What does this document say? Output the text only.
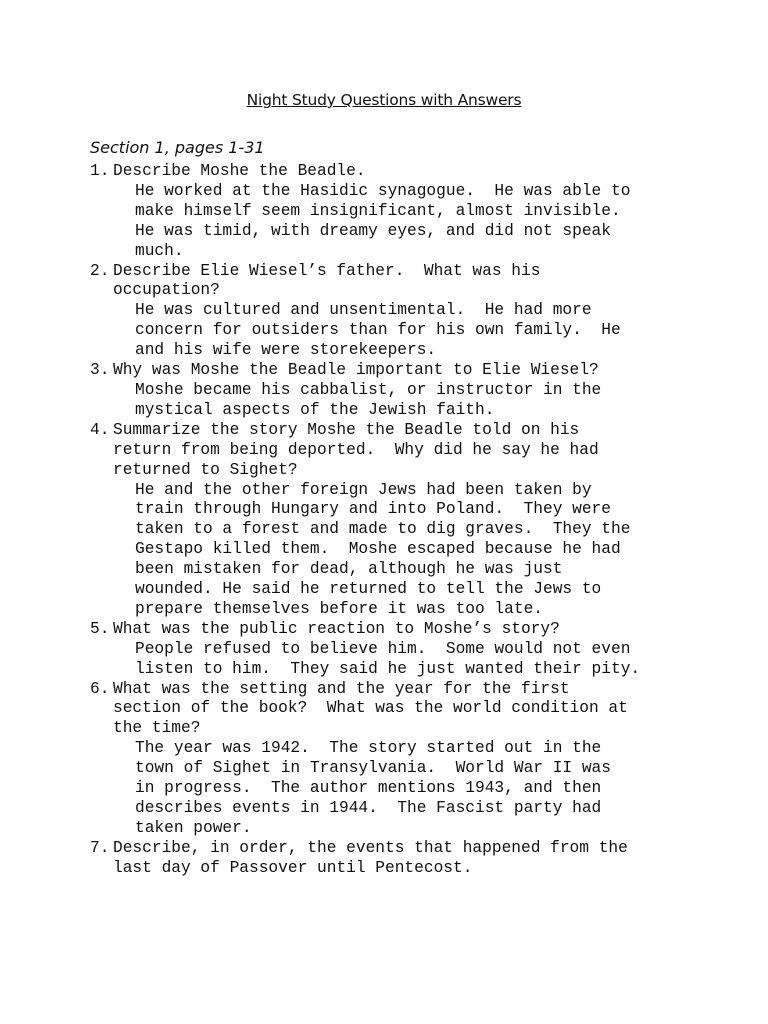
Night Study Questions with Answers
Section 1, pages 1-31

1. Describe Moshe the Beadle.

He worked at the Hasidic synagogue.  He was able to
make himself seem insignificant, almost invisible.
He was timid, with dreamy eyes, and did not speak
much.

2. Describe Elie Wiesel’s father.  What was his
occupation?

He was cultured and unsentimental.  He had more
concern for outsiders than for his own family.  He
and his wife were storekeepers.

3. Why was Moshe the Beadle important to Elie Wiesel?

Moshe became his cabbalist, or instructor in the
mystical aspects of the Jewish faith.

4. Summarize the story Moshe the Beadle told on his
return from being deported.  Why did he say he had
returned to Sighet?

He and the other foreign Jews had been taken by
train through Hungary and into Poland.  They were
taken to a forest and made to dig graves.  They the
Gestapo killed them.  Moshe escaped because he had
been mistaken for dead, although he was just
wounded. He said he returned to tell the Jews to
prepare themselves before it was too late.

5. What was the public reaction to Moshe’s story?

People refused to believe him.  Some would not even
listen to him.  They said he just wanted their pity.

6. What was the setting and the year for the first
section of the book?  What was the world condition at
the time?

The year was 1942.  The story started out in the
town of Sighet in Transylvania.  World War II was
in progress.  The author mentions 1943, and then
describes events in 1944.  The Fascist party had
taken power.

7. Describe, in order, the events that happened from the
last day of Passover until Pentecost.
